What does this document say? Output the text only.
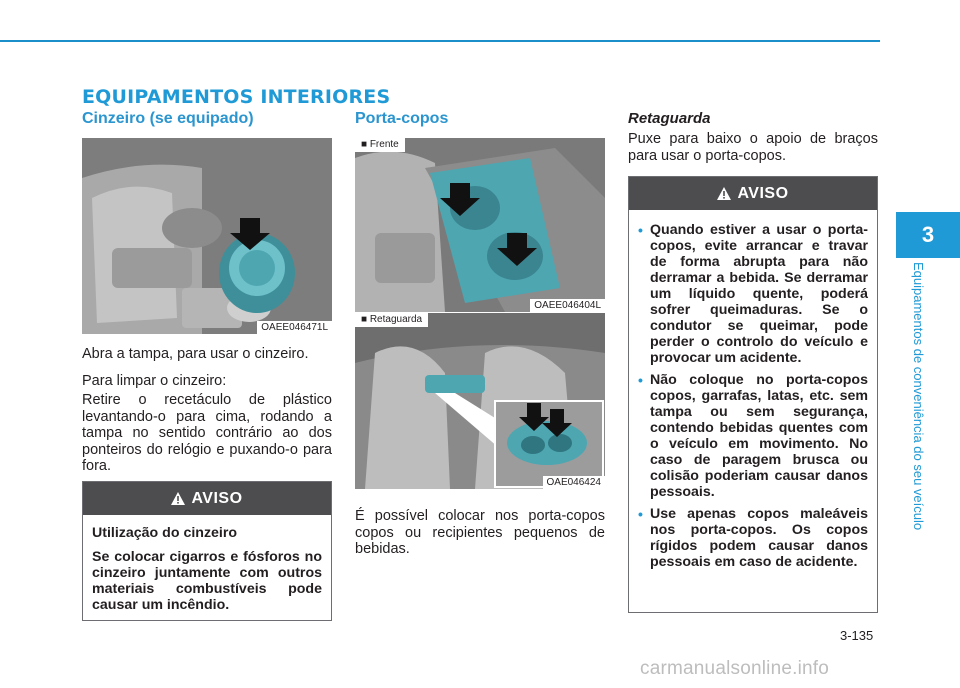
EQUIPAMENTOS INTERIORES
Cinzeiro (se equipado)
OAEE046471L
Abra a tampa, para usar o cinzeiro.
Para limpar o cinzeiro:
Retire o recetáculo de plástico levantando-o para cima, rodando a tampa no sentido contrário ao dos ponteiros do relógio e puxando-o para fora.
AVISO
Utilização do cinzeiro
Se colocar cigarros e fósforos no cinzeiro juntamente com outros materiais combustíveis pode causar um incêndio.
Porta-copos
■ Frente
OAEE046404L
■ Retaguarda
OAE046424
É possível colocar nos porta-copos copos ou recipientes pequenos de bebidas.
Retaguarda
Puxe para baixo o apoio de braços para usar o porta-copos.
AVISO
• Quando estiver a usar o porta-copos, evite arrancar e travar de forma abrupta para não derramar a bebida. Se derramar um líquido quente, poderá sofrer queimaduras. Se o condutor se queimar, pode perder o controlo do veículo e provocar um acidente.
• Não coloque no porta-copos copos, garrafas, latas, etc. sem tampa ou sem segurança, contendo bebidas quentes com o veículo em movimento. No caso de paragem brusca ou colisão poderiam causar danos pessoais.
• Use apenas copos maleáveis nos porta-copos. Os copos rígidos podem causar danos pessoais em caso de acidente.
3
Equipamentos de conveniência do seu veículo
3-135
carmanualsonline.info
